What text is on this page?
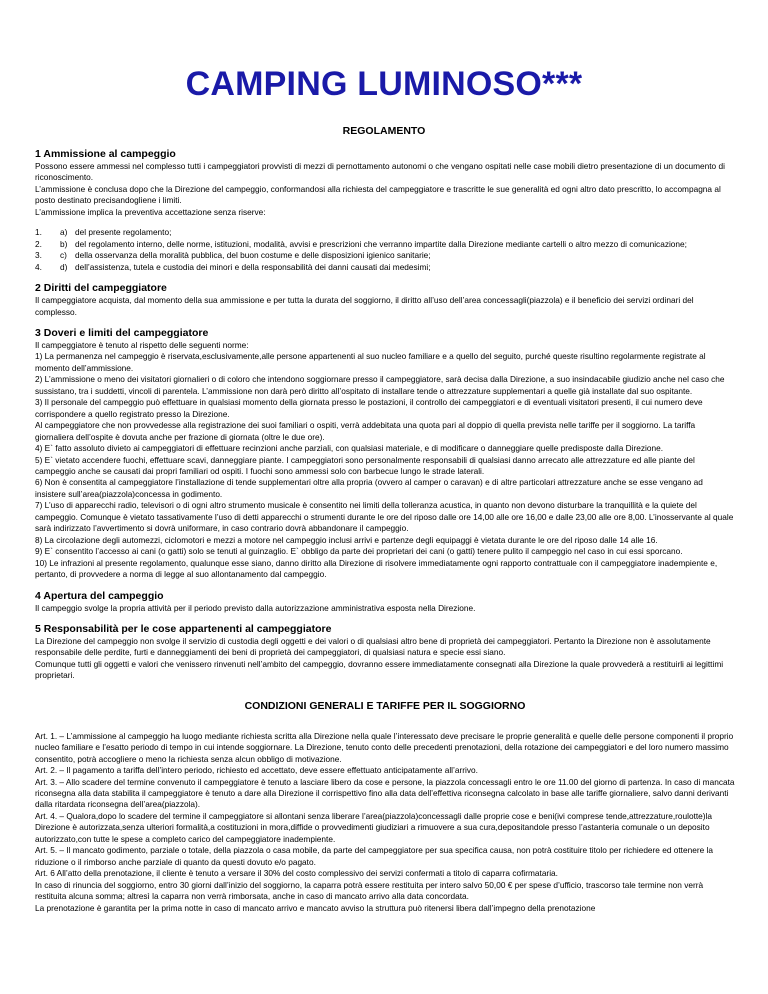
CAMPING LUMINOSO***
REGOLAMENTO

1 Ammissione al campeggio

Possono essere ammessi nel complesso tutti i campeggiatori provvisti di mezzi di pernottamento autonomi o che vengano ospitati nelle case mobili dietro presentazione di un documento di riconoscimento.

L’ammissione è conclusa dopo che la Direzione del campeggio, conformandosi alla richiesta del campeggiatore e trascritte le sue generalità ed ogni altro dato prescritto, lo accompagna al posto destinato precisandogliene i limiti.

L’ammissione implica la preventiva accettazione senza riserve:

1.	a) del presente regolamento;
2.	b) del regolamento interno, delle norme, istituzioni, modalità, avvisi e prescrizioni che verranno impartite dalla Direzione mediante cartelli o altro mezzo di comunicazione;
3.	c) della osservanza della moralità pubblica, del buon costume e delle disposizioni igienico sanitarie;
4.	d) dell’assistenza, tutela e custodia dei minori e della responsabilità dei danni causati dai medesimi;

2 Diritti del campeggiatore

Il campeggiatore acquista, dal momento della sua ammissione e per tutta la durata del soggiorno, il diritto all’uso dell’area concessagli(piazzola) e il beneficio dei servizi ordinari del complesso.

3 Doveri e limiti del campeggiatore

Il campeggiatore è tenuto al rispetto delle seguenti norme:

1) La permanenza nel campeggio è riservata,esclusivamente,alle persone appartenenti al suo nucleo familiare e a quello del seguito, purché queste risultino regolarmente registrate al momento dell’ammissione.

2) L’ammissione o meno dei visitatori giornalieri o di coloro che intendono soggiornare presso il campeggiatore, sarà decisa dalla Direzione, a suo insindacabile giudizio anche nel caso che sussistano, tra i suddetti, vincoli di parentela. L’ammissione non darà però diritto all’ospitato di installare tende o attrezzature supplementari a quelle già installate dal suo ospitante.

3) Il personale del campeggio può effettuare in qualsiasi momento della giornata presso le postazioni, il controllo dei campeggiatori e di eventuali visitatori presenti, il cui numero deve corrispondere a quello registrato presso la Direzione.

Al campeggiatore che non provvedesse alla registrazione dei suoi familiari o ospiti, verrà addebitata una quota pari al doppio di quella prevista nelle tariffe per il soggiorno. La tariffa giornaliera dell’ospite è dovuta anche per frazione di giornata (oltre le due ore).

4) E` fatto assoluto divieto ai campeggiatori di effettuare recinzioni anche parziali, con qualsiasi materiale, e di modificare o danneggiare quelle predisposte dalla Direzione.

5) E` vietato accendere fuochi, effettuare scavi, danneggiare piante. I campeggiatori sono personalmente responsabili di qualsiasi danno arrecato alle attrezzature ed alle piante del campeggio anche se causati dai propri familiari od ospiti. I fuochi sono ammessi solo con barbecue lungo le strade laterali.

6) Non è consentita al campeggiatore l’installazione di tende supplementari oltre alla propria (ovvero al camper o caravan) e di altre particolari attrezzature anche se esse vengano ad insistere sull’area(piazzola)concessa in godimento.

7) L’uso di apparecchi radio, televisori o di ogni altro strumento musicale è consentito nei limiti della tolleranza acustica, in quanto non devono disturbare la tranquillità e la quiete del campeggio. Comunque è vietato tassativamente l’uso di detti apparecchi o strumenti durante le ore del riposo dalle ore 14,00 alle ore 16,00 e dalle 23,00 alle ore 8,00. L’inosservante al quale sarà indirizzato l’avvertimento si dovrà uniformare, in caso contrario dovrà abbandonare il campeggio.

8) La circolazione degli automezzi, ciclomotori e mezzi a motore nel campeggio inclusi arrivi e partenze degli equipaggi è vietata durante le ore del riposo dalle 14 alle 16.

9) E` consentito l’accesso ai cani (o gatti) solo se tenuti al guinzaglio. E` obbligo da parte dei proprietari dei cani (o gatti) tenere pulito il campeggio nel caso in cui essi sporcano.

10) Le infrazioni al presente regolamento, qualunque esse siano, danno diritto alla Direzione di risolvere immediatamente ogni rapporto contrattuale con il campeggiatore inadempiente e, pertanto, di provvedere a norma di legge al suo allontanamento dal campeggio.

4 Apertura del campeggio

Il campeggio svolge la propria attività per il periodo previsto dalla autorizzazione amministrativa esposta nella Direzione.

5 Responsabilità per le cose appartenenti al campeggiatore

La Direzione del campeggio non svolge il servizio di custodia degli oggetti e dei valori o di qualsiasi altro bene di proprietà dei campeggiatori. Pertanto la Direzione non è assolutamente responsabile delle perdite, furti e danneggiamenti dei beni di proprietà dei campeggiatori, di qualsiasi natura e specie essi siano.

Comunque tutti gli oggetti e valori che venissero rinvenuti nell’ambito del campeggio, dovranno essere immediatamente consegnati alla Direzione la quale provvederà a restituirli ai legittimi proprietari.

CONDIZIONI GENERALI E TARIFFE PER IL SOGGIORNO

Art. 1. – L’ammissione al campeggio ha luogo mediante richiesta scritta alla Direzione nella quale l’interessato deve precisare le proprie generalità e quelle delle persone componenti il proprio nucleo familiare e l’esatto periodo di tempo in cui intende soggiornare. La Direzione, tenuto conto delle precedenti prenotazioni, della rotazione dei campeggiatori e del loro numero massimo consentito, potrà accogliere o meno la richiesta senza alcun obbligo di motivazione.

Art. 2. – Il pagamento a tariffa dell’intero periodo, richiesto ed accettato, deve essere effettuato anticipatamente all’arrivo.

Art. 3. – Allo scadere del termine convenuto il campeggiatore è tenuto a lasciare libero da cose e persone, la piazzola concessagli entro le ore 11.00 del giorno di partenza. In caso di mancata riconsegna alla data stabilita il campeggiatore è tenuto a dare alla Direzione il corrispettivo fino alla data dell’effettiva riconsegna calcolato in base alle tariffe giornaliere, salvo danni derivanti dalla ritardata riconsegna dell’area(piazzola).

Art. 4. – Qualora,dopo lo scadere del termine il campeggiatore si allontani senza liberare l’area(piazzola)concessagli dalle proprie cose e beni(ivi comprese tende,attrezzature,roulotte)la Direzione è autorizzata,senza ulteriori formalità,a costituzioni in mora,diffide o provvedimenti giudiziari a rimuovere a sua cura,depositandole presso l’astanteria comunale o un deposito autorizzato,con tutte le spese a completo carico del campeggiatore inadempiente.

Art. 5. – Il mancato godimento, parziale o totale, della piazzola o casa mobile, da parte del campeggiatore per sua specifica causa, non potrà costituire titolo per richiedere ed ottenere la riduzione o il rimborso anche parziale di quanto da questi dovuto e/o pagato.

Art. 6 All’atto della prenotazione, il cliente è tenuto a versare il 30% del costo complessivo dei servizi confermati a titolo di caparra cofirmataria.

In caso di rinuncia del soggiorno, entro 30 giorni dall’inizio del soggiorno, la caparra potrà essere restituita per intero salvo 50,00 € per spese d’ufficio, trascorso tale termine non verrà restituita alcuna somma; altresì la caparra non verrà rimborsata, anche in caso di mancato arrivo alla data concordata.

La prenotazione è garantita per la prima notte in caso di mancato arrivo e mancato avviso la struttura può ritenersi libera dall’impegno della prenotazione
